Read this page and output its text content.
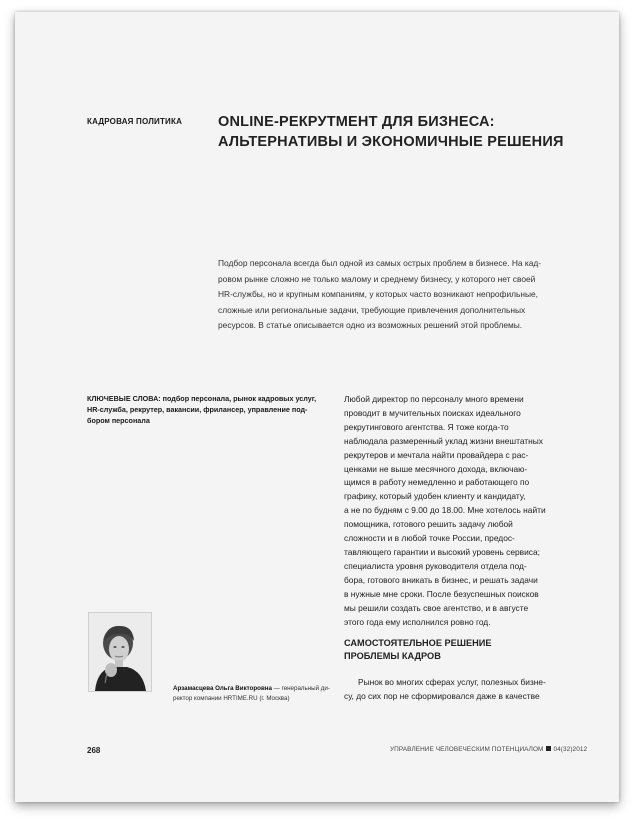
КАДРОВАЯ ПОЛИТИКА ONLINE-РЕКРУТМЕНТ ДЛЯ БИЗНЕСА:
АЛЬТЕРНАТИВЫ И ЭКОНОМИЧНЫЕ РЕШЕНИЯ
Подбор персонала всегда был одной из самых острых проблем в бизнесе. На кад-
ровом рынке сложно не только малому и среднему бизнесу, у которого нет своей
HR-службы, но и крупным компаниям, у которых часто возникают непрофильные,
сложные или региональные задачи, требующие привлечения дополнительных
ресурсов. В статье описывается одно из возможных решений этой проблемы.
КЛЮЧЕВЫЕ СЛОВА: подбор персонала, рынок кадровых услуг,
HR-служба, рекрутер, вакансии, фрилансер, управление под-
бором персонала
Любой директор по персоналу много времени
проводит в мучительных поисках идеального
рекрутингового агентства. Я тоже когда-то
наблюдала размеренный уклад жизни внештатных
рекрутеров и мечтала найти провайдера с рас-
ценками не выше месячного дохода, включаю-
щимся в работу немедленно и работающего по
графику, который удобен клиенту и кандидату,
а не по будням с 9.00 до 18.00. Мне хотелось найти
помощника, готового решить задачу любой
сложности и в любой точке России, предос-
тавляющего гарантии и высокий уровень сервиса;
специалиста уровня руководителя отдела под-
бора, готового вникать в бизнес, и решать задачи
в нужные мне сроки. После безуспешных поисков
мы решили создать свое агентство, и в августе
этого года ему исполнился ровно год.
САМОСТОЯТЕЛЬНОЕ РЕШЕНИЕ
ПРОБЛЕМЫ КАДРОВ
Рынок во многих сферах услуг, полезных бизне-
су, до сих пор не сформировался даже в качестве
Арзамасцева Ольга Викторовна — генеральный ди-
ректор компании HRTIME.RU (г. Москва)
268	УПРАВЛЕНИЕ ЧЕЛОВЕЧЕСКИМ ПОТЕНЦИАЛОМ 04(32)2012
